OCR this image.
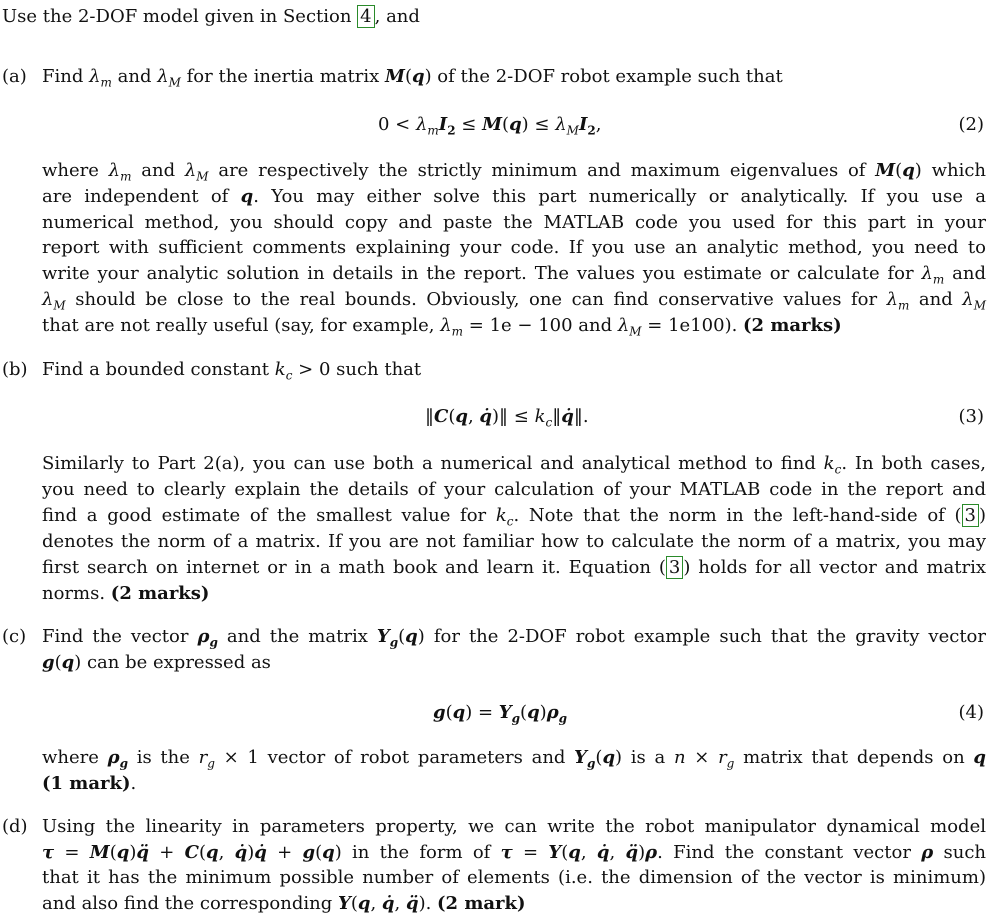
Use the 2-DOF model given in Section 4 , and
(a) Find $\lambda_m$ and $\lambda_M$ for the inertia matrix M(q) of the 2-DOF robot example such that
$0 < \lambda_mI_2 \le M(q) \le \lambda_MI_2$,	(2)
where $\lambda_m$ and $\lambda_M$ are respectively the strictly minimum and maximum eigenvalues of M(q) which
are independent of q. You may either solve this part numerically or analytically. If you use a
numerical method, you should copy and paste the MATLAB code you used for this part in your
report with sufficient comments explaining your code. If you use an analytic method, you need to
write your analytic solution in details in the report. The values you estimate or calculate for $\lambda_m$ and
$\lambda_M$ should be close to the real bounds. Obviously, one can find conservative values for $\lambda_m$ and $\lambda_M$
that are not really useful (say, for example, $\lambda_m = 1e - 100$ and $\lambda_M = 1e100$). (2 marks)
(b) Find a bounded constant $k_c > 0$ such that
‖C(q, q̇)‖ ≤ $k_c‖q̇‖$.	(3)
Similarly to Part 2(a), you can use both a numerical and analytical method to find $k_c$. In both cases,
you need to clearly explain the details of your calculation of your MATLAB code in the report and
find a good estimate of the smallest value for $k_c$. Note that the norm in the left-hand-side of ( 3 )
denotes the norm of a matrix. If you are not familiar how to calculate the norm of a matrix, you may
first search on internet or in a math book and learn it. Equation ( 3 ) holds for all vector and matrix
norms. (2 marks)
(c) Find the vector $\rho_g$ and the matrix $Y_g(q)$ for the 2-DOF robot example such that the gravity vector
g(q) can be expressed as
$g(q) = Y_g(q)\rho_g$	(4)
where $\rho_g$ is the $r_g \times 1$ vector of robot parameters and $Y_g(q)$ is a $n \times r_g$ matrix that depends on q
(1 mark).
(d) Using the linearity in parameters property, we can write the robot manipulator dynamical model
τ = M(q)q̈ + C(q, q̇)q̇ + g(q) in the form of τ = Y(q, q̇, q̈)ρ. Find the constant vector ρ such
that it has the minimum possible number of elements (i.e. the dimension of the vector is minimum)
and also find the corresponding Y(q, q̇, q̈). (2 mark)
